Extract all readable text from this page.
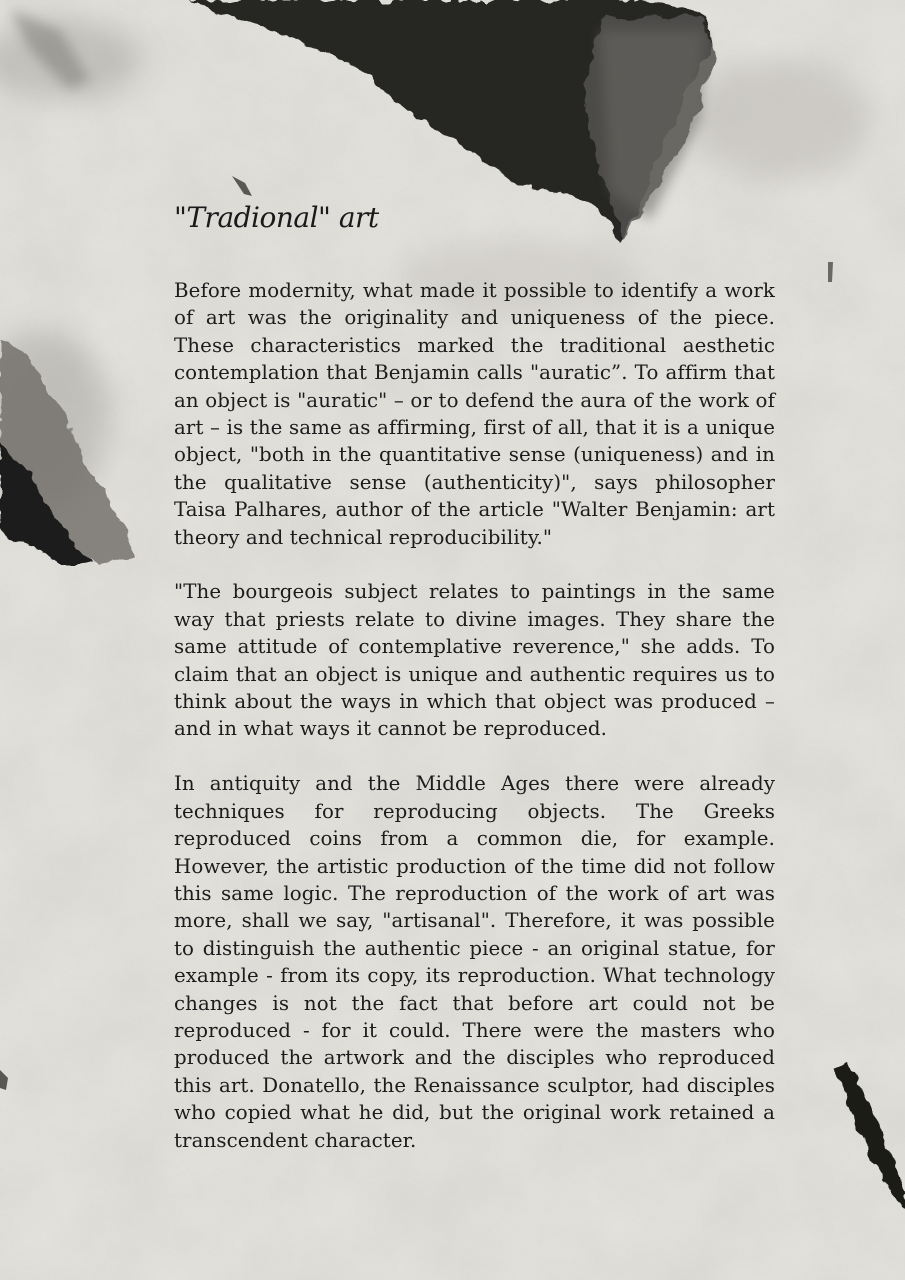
"Tradional" art

Before modernity, what made it possible to identify a work of art was the originality and uniqueness of the piece. These characteristics marked the traditional aesthetic contemplation that Benjamin calls "auratic”. To affirm that an object is "auratic" – or to defend the aura of the work of art – is the same as affirming, first of all, that it is a unique object, "both in the quantitative sense (uniqueness) and in the qualitative sense (authenticity)", says philosopher Taisa Palhares, author of the article "Walter Benjamin: art theory and technical reproducibility."

"The bourgeois subject relates to paintings in the same way that priests relate to divine images. They share the same attitude of contemplative reverence," she adds. To claim that an object is unique and authentic requires us to think about the ways in which that object was produced – and in what ways it cannot be reproduced.

In antiquity and the Middle Ages there were already techniques for reproducing objects. The Greeks reproduced coins from a common die, for example. However, the artistic production of the time did not follow this same logic. The reproduction of the work of art was more, shall we say, "artisanal". Therefore, it was possible to distinguish the authentic piece - an original statue, for example - from its copy, its reproduction. What technology changes is not the fact that before art could not be reproduced - for it could. There were the masters who produced the artwork and the disciples who reproduced this art. Donatello, the Renaissance sculptor, had disciples who copied what he did, but the original work retained a transcendent character.
